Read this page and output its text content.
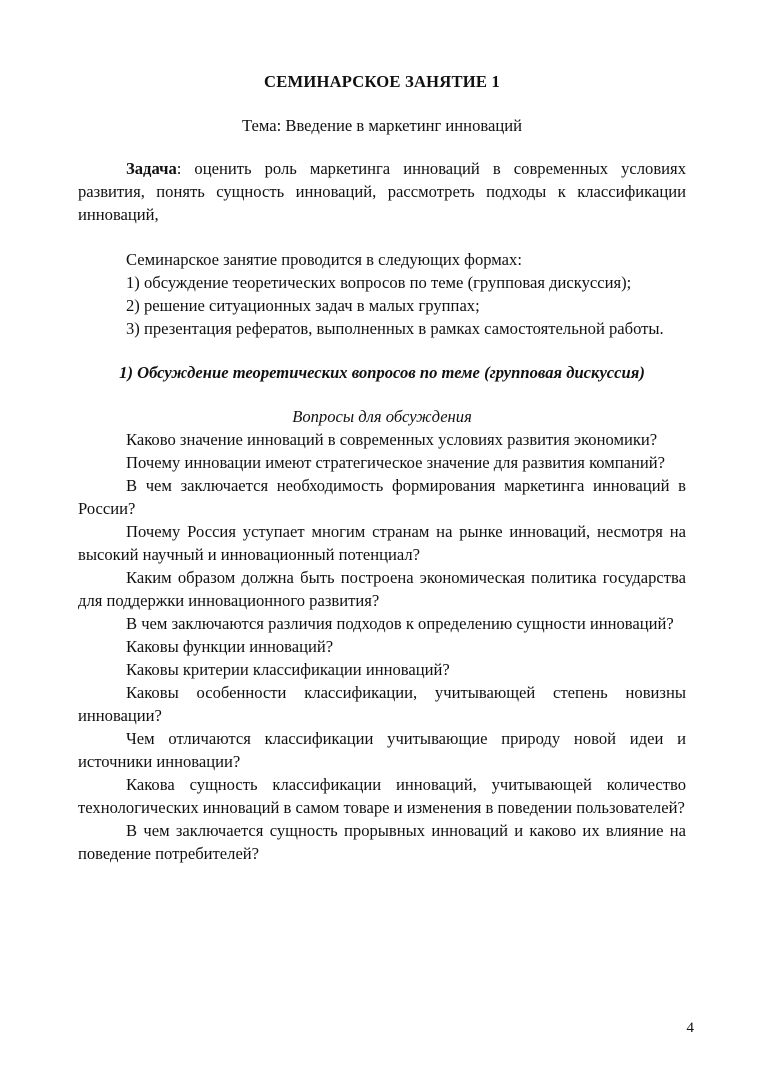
СЕМИНАРСКОЕ ЗАНЯТИЕ 1
Тема: Введение в маркетинг инноваций

Задача: оценить роль маркетинга инноваций в современных условиях развития, понять сущность инноваций, рассмотреть подходы к классификации инноваций,

Семинарское занятие проводится в следующих формах:

1) обсуждение теоретических вопросов по теме (групповая дискуссия);

2) решение ситуационных задач в малых группах;

3) презентация рефератов, выполненных в рамках самостоятельной работы.

1) Обсуждение теоретических вопросов по теме (групповая дискуссия)
Вопросы для обсуждения

Каково значение инноваций в современных условиях развития экономики?

Почему инновации имеют стратегическое значение для развития компаний?

В чем заключается необходимость формирования маркетинга инноваций в России?

Почему Россия уступает многим странам на рынке инноваций, несмотря на высокий научный и инновационный потенциал?

Каким образом должна быть построена экономическая политика государства для поддержки инновационного развития?

В чем заключаются различия подходов к определению сущности инноваций?

Каковы функции инноваций?

Каковы критерии классификации инноваций?

Каковы особенности классификации, учитывающей степень новизны инновации?

Чем отличаются классификации учитывающие природу новой идеи и источники инновации?

Какова сущность классификации инноваций, учитывающей количество технологических инноваций в самом товаре и изменения в поведении пользователей?

В чем заключается сущность прорывных инноваций и каково их влияние на поведение потребителей?

4
